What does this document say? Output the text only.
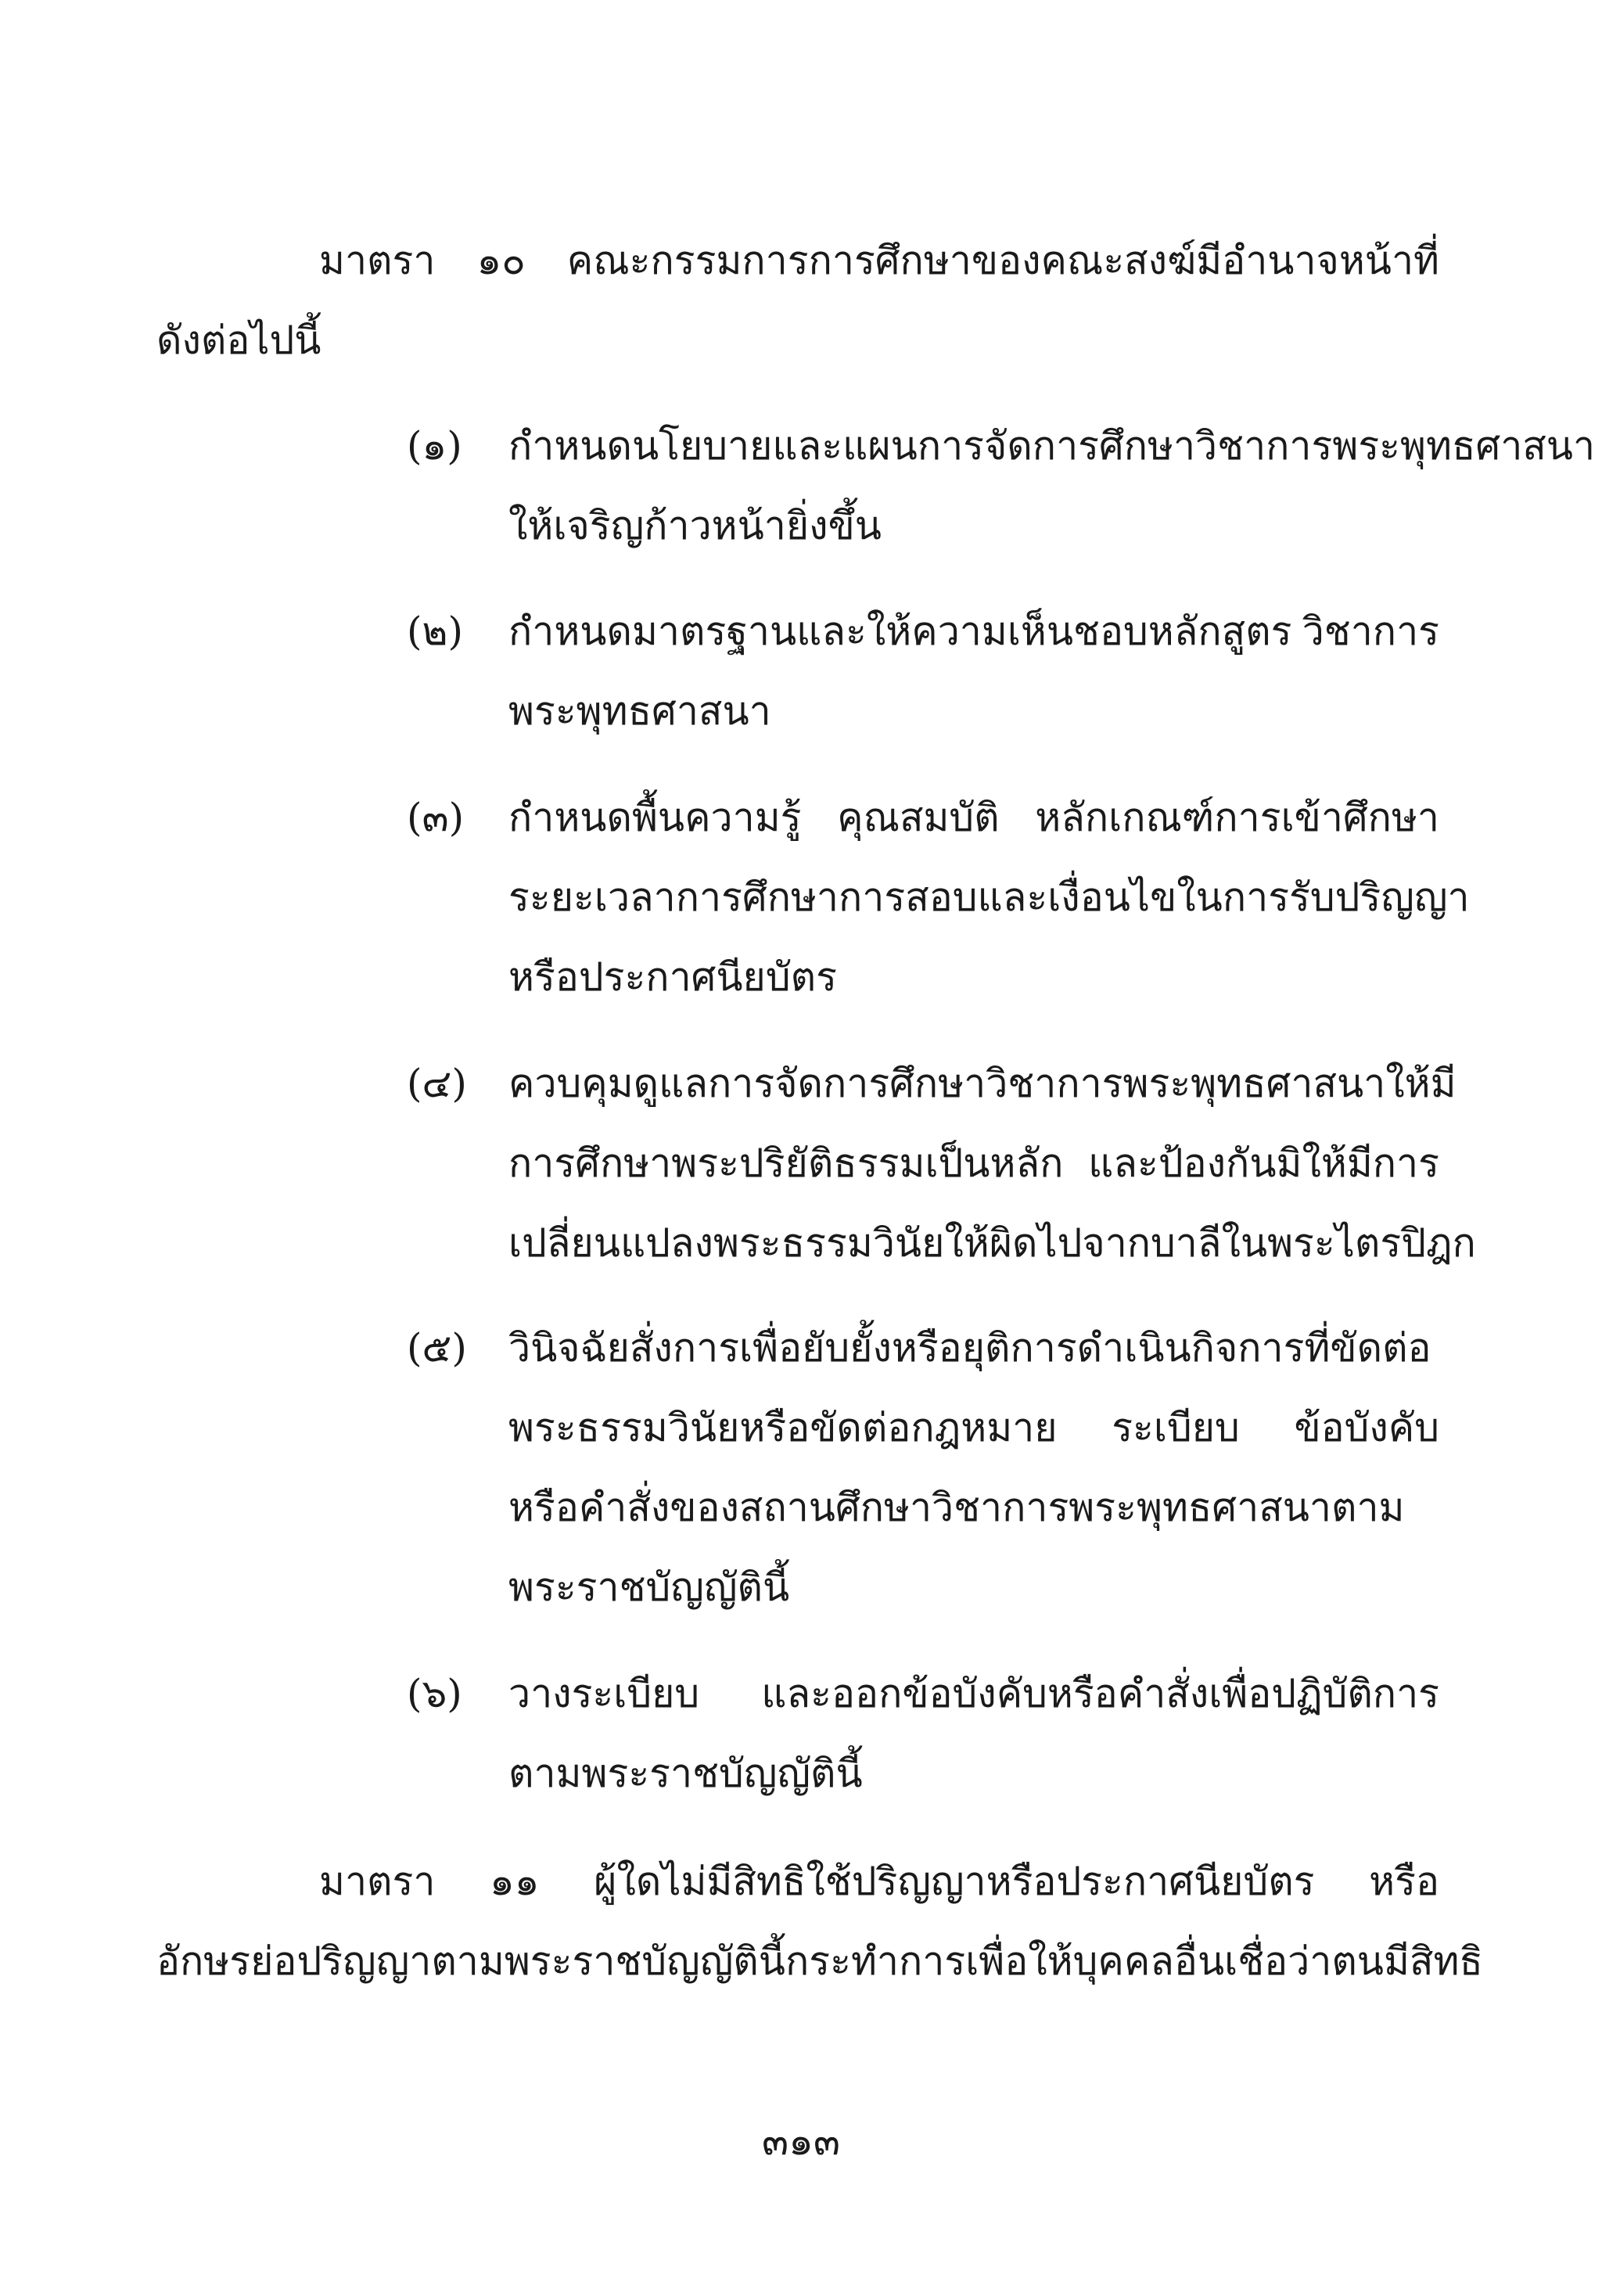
มาตรา ๑๐ คณะกรรมการการศึกษาของคณะสงฆ์มีอำนาจหน้าที่
ดังต่อไปนี้
(๑) กำหนดนโยบายและแผนการจัดการศึกษาวิชาการ พระพุทธศาสนา
ให้เจริญก้าวหน้ายิ่งขึ้น
(๒) กำหนดมาตรฐานและให้ความเห็นชอบหลักสูตร วิชาการ
พระพุทธศาสนา
(๓) กำหนดพื้นความรู้ คุณสมบัติ หลักเกณฑ์การเข้าศึกษา
ระยะเวลาการศึกษา การสอบ และเงื่อนไขในการรับ ปริญญา
หรือประกาศนียบัตร
(๔) ควบคุมดูแลการจัดการศึกษาวิชาการพระพุทธศาสนา ให้มี
การศึกษาพระปริยัติธรรมเป็นหลัก และป้องกันมิให้มีการ
เปลี่ยนแปลงพระธรรมวินัยให้ผิดไปจากบาลีในพระไตรปิฎก
(๕) วินิจฉัยสั่งการเพื่อยับยั้งหรือยุติการดำเนินกิจการที่ขัดต่อ
พระธรรมวินัยหรือขัดต่อกฎหมาย ระเบียบ ข้อบังคับ
หรือคำสั่งของสถานศึกษาวิชาการพระพุทธศาสนาตาม
พระราชบัญญัตินี้
(๖) วางระเบียบ และออกข้อบังคับหรือคำสั่งเพื่อปฏิบัติการ
ตามพระราชบัญญัตินี้
มาตรา ๑๑ ผู้ใดไม่มีสิทธิใช้ปริญญาหรือประกาศนียบัตร หรือ
อักษรย่อปริญญาตามพระราชบัญญัตินี้ กระทำการเพื่อให้บุคคลอื่นเชื่อว่าตนมีสิทธิ
๓๑๓
